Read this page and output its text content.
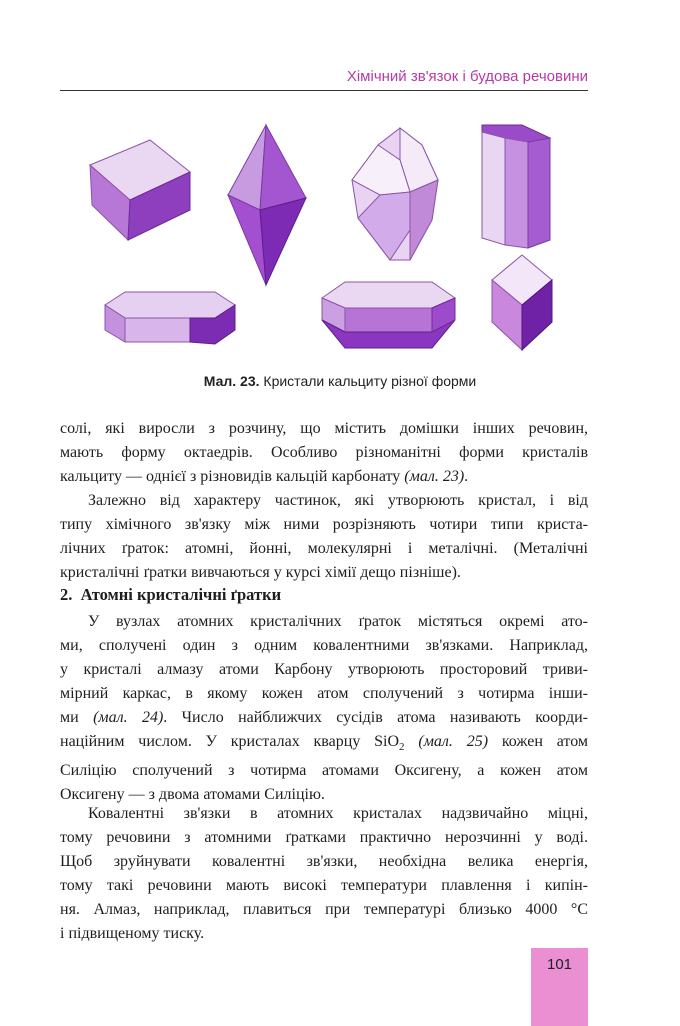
Хімічний зв'язок і будова речовини
Мал. 23. Кристали кальциту різної форми

солі, які виросли з розчину, що містить домішки інших речовин,

мають форму октаедрів. Особливо різноманітні форми кристалів

кальциту — однієї з різновидів кальцій карбонату (мал. 23).

Залежно від характеру частинок, які утворюють кристал, і від

типу хімічного зв'язку між ними розрізняють чотири типи криста-

лічних ґраток: атомні, йонні, молекулярні і металічні. (Металічні

кристалічні ґратки вивчаються у курсі хімії дещо пізніше).

2. Атомні кристалічні ґратки

У вузлах атомних кристалічних ґраток містяться окремі ато-

ми, сполучені один з одним ковалентними зв'язками. Наприклад,

у кристалі алмазу атоми Карбону утворюють просторовий триви-

мірний каркас, в якому кожен атом сполучений з чотирма інши-

ми (мал. 24). Число найближчих сусідів атома називають коорди-

наційним числом. У кристалах кварцу SiO$_2$ (мал. 25) кожен атом

Силіцію сполучений з чотирма атомами Оксигену, а кожен атом

Оксигену — з двома атомами Силіцію.

Ковалентні зв'язки в атомних кристалах надзвичайно міцні,

тому речовини з атомними ґратками практично нерозчинні у воді.

Щоб зруйнувати ковалентні зв'язки, необхідна велика енергія,

тому такі речовини мають високі температури плавлення і кипін-

ня. Алмаз, наприклад, плавиться при температурі близько 4000 °С

і підвищеному тиску.

101
